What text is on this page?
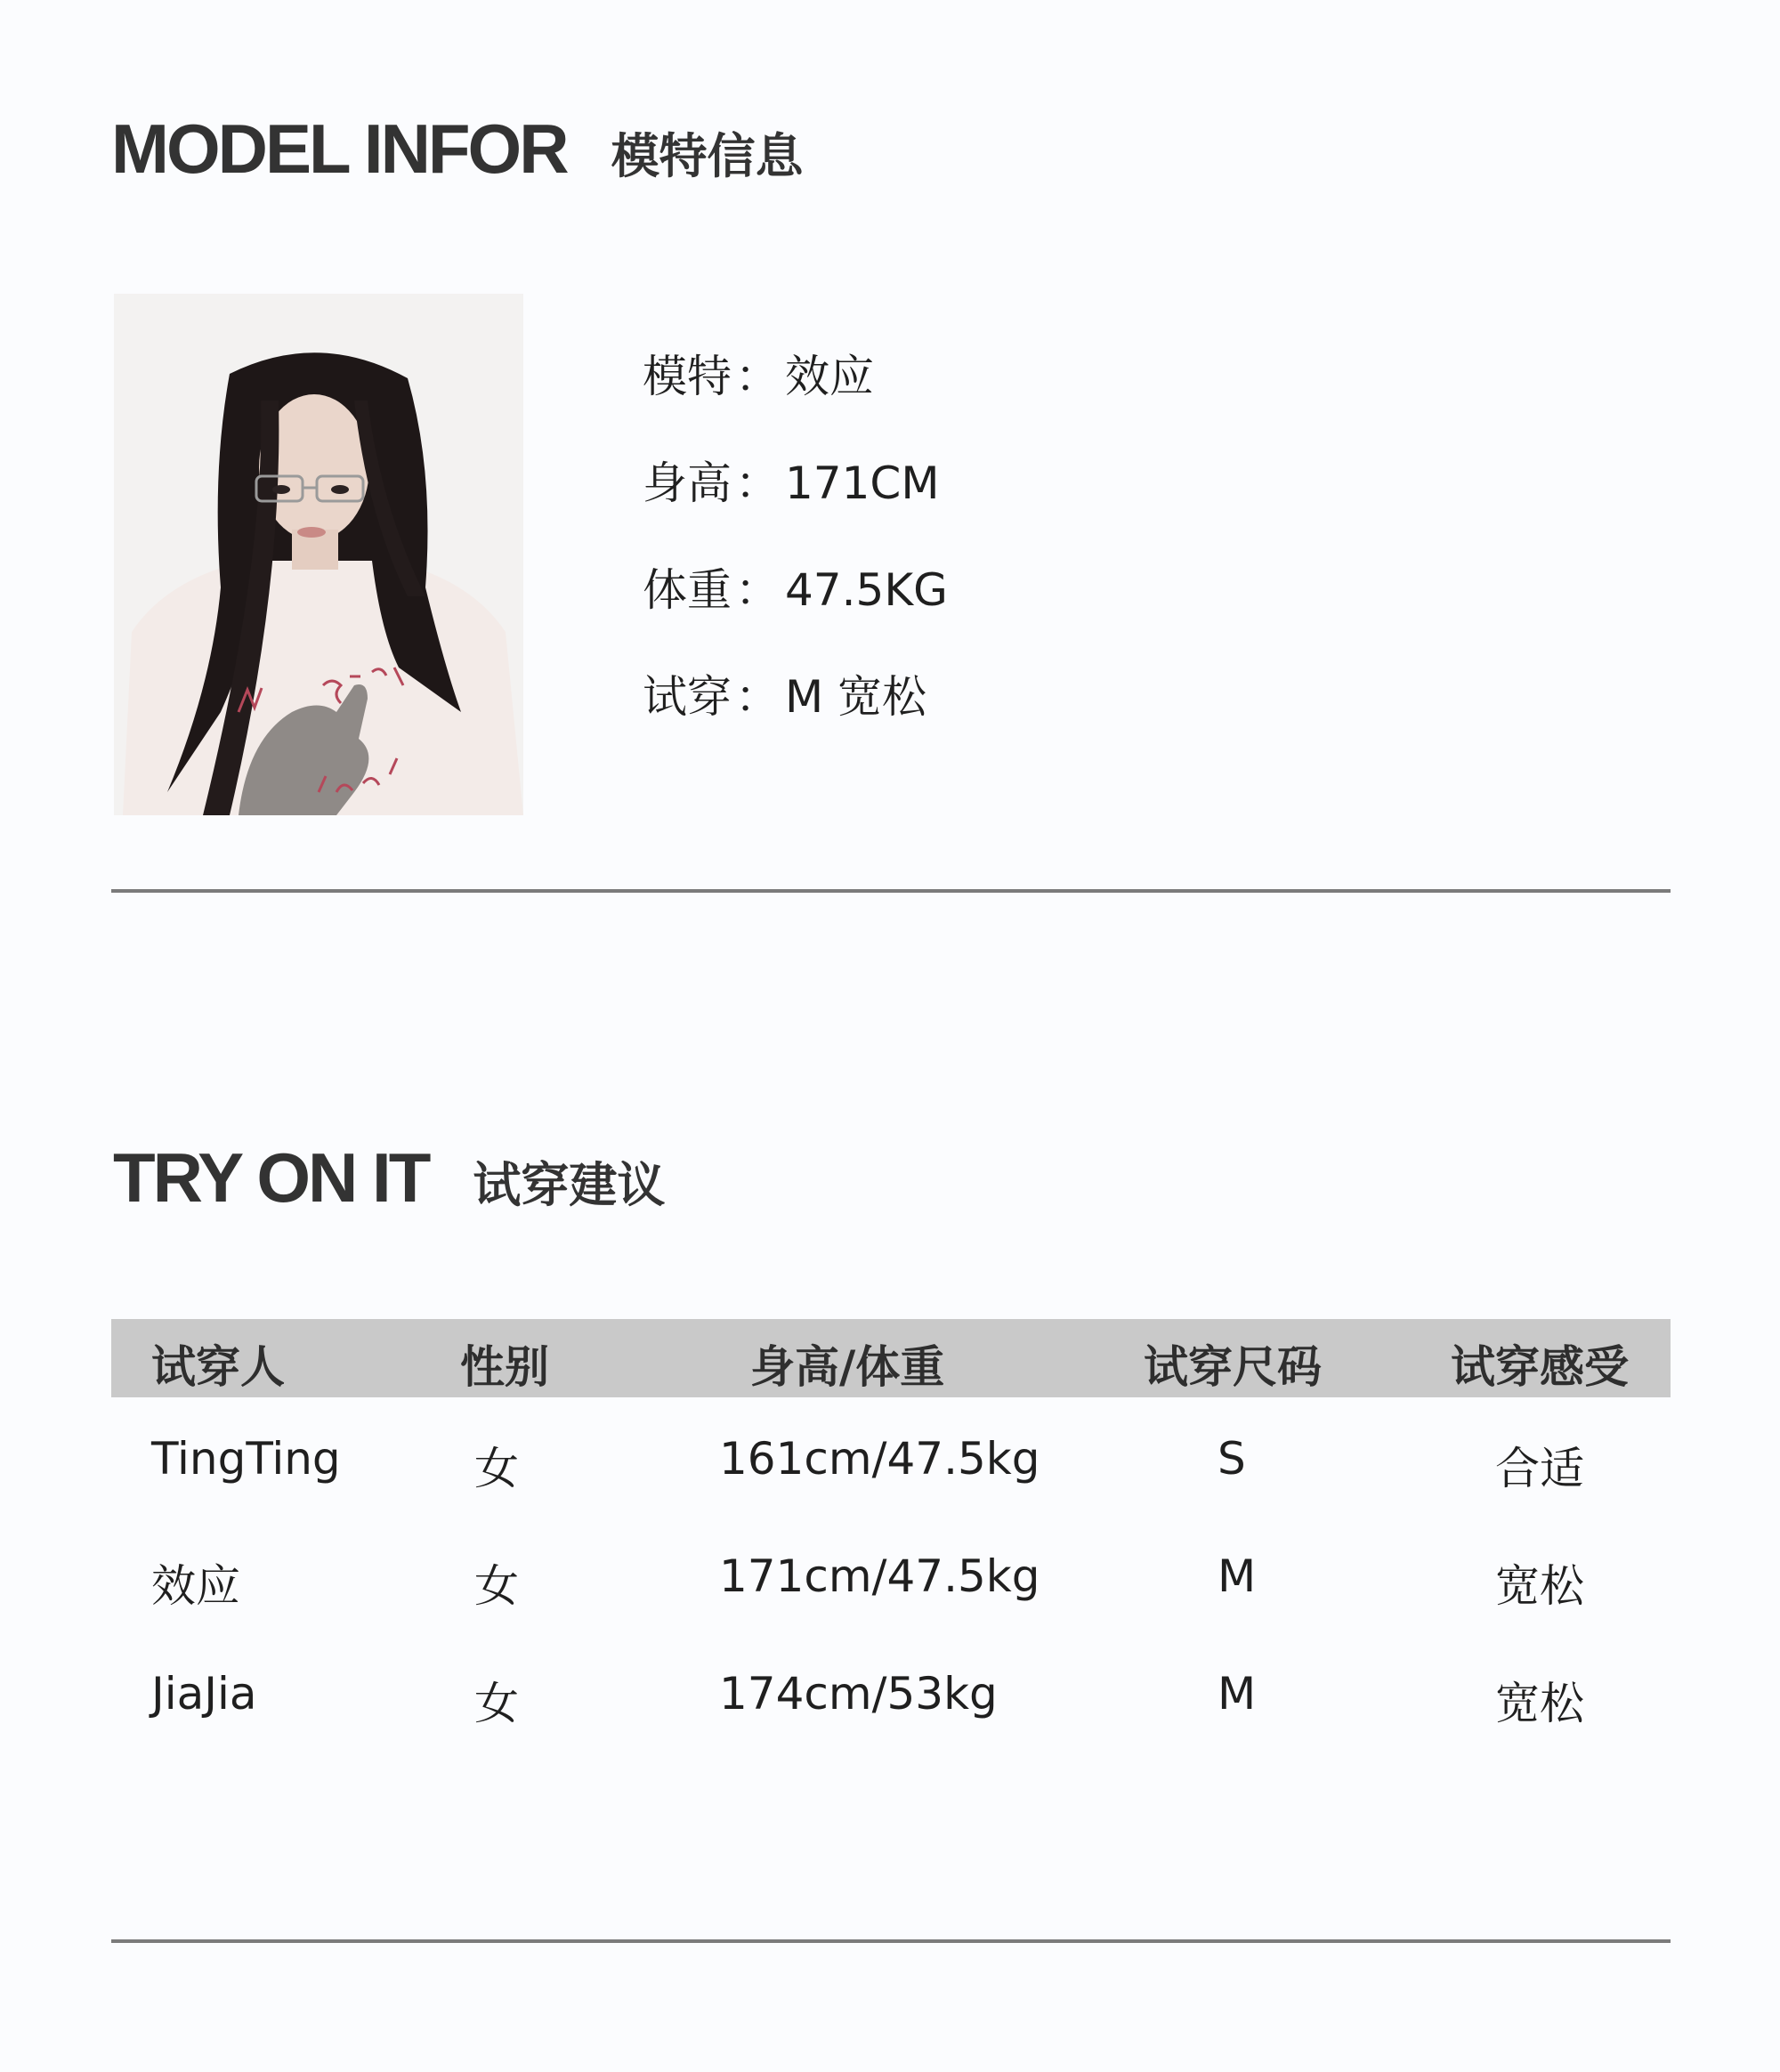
MODEL INFOR 模特信息
模特： 效应
身高： 171CM
体重： 47.5KG
试穿： M 宽松
TRY ON IT 试穿建议
试穿人	性别	身高/体重	试穿尺码	试穿感受
TingTing	女	161cm/47.5kg	S	合适
效应	女	171cm/47.5kg	M	宽松
JiaJia	女	174cm/53kg	M	宽松
